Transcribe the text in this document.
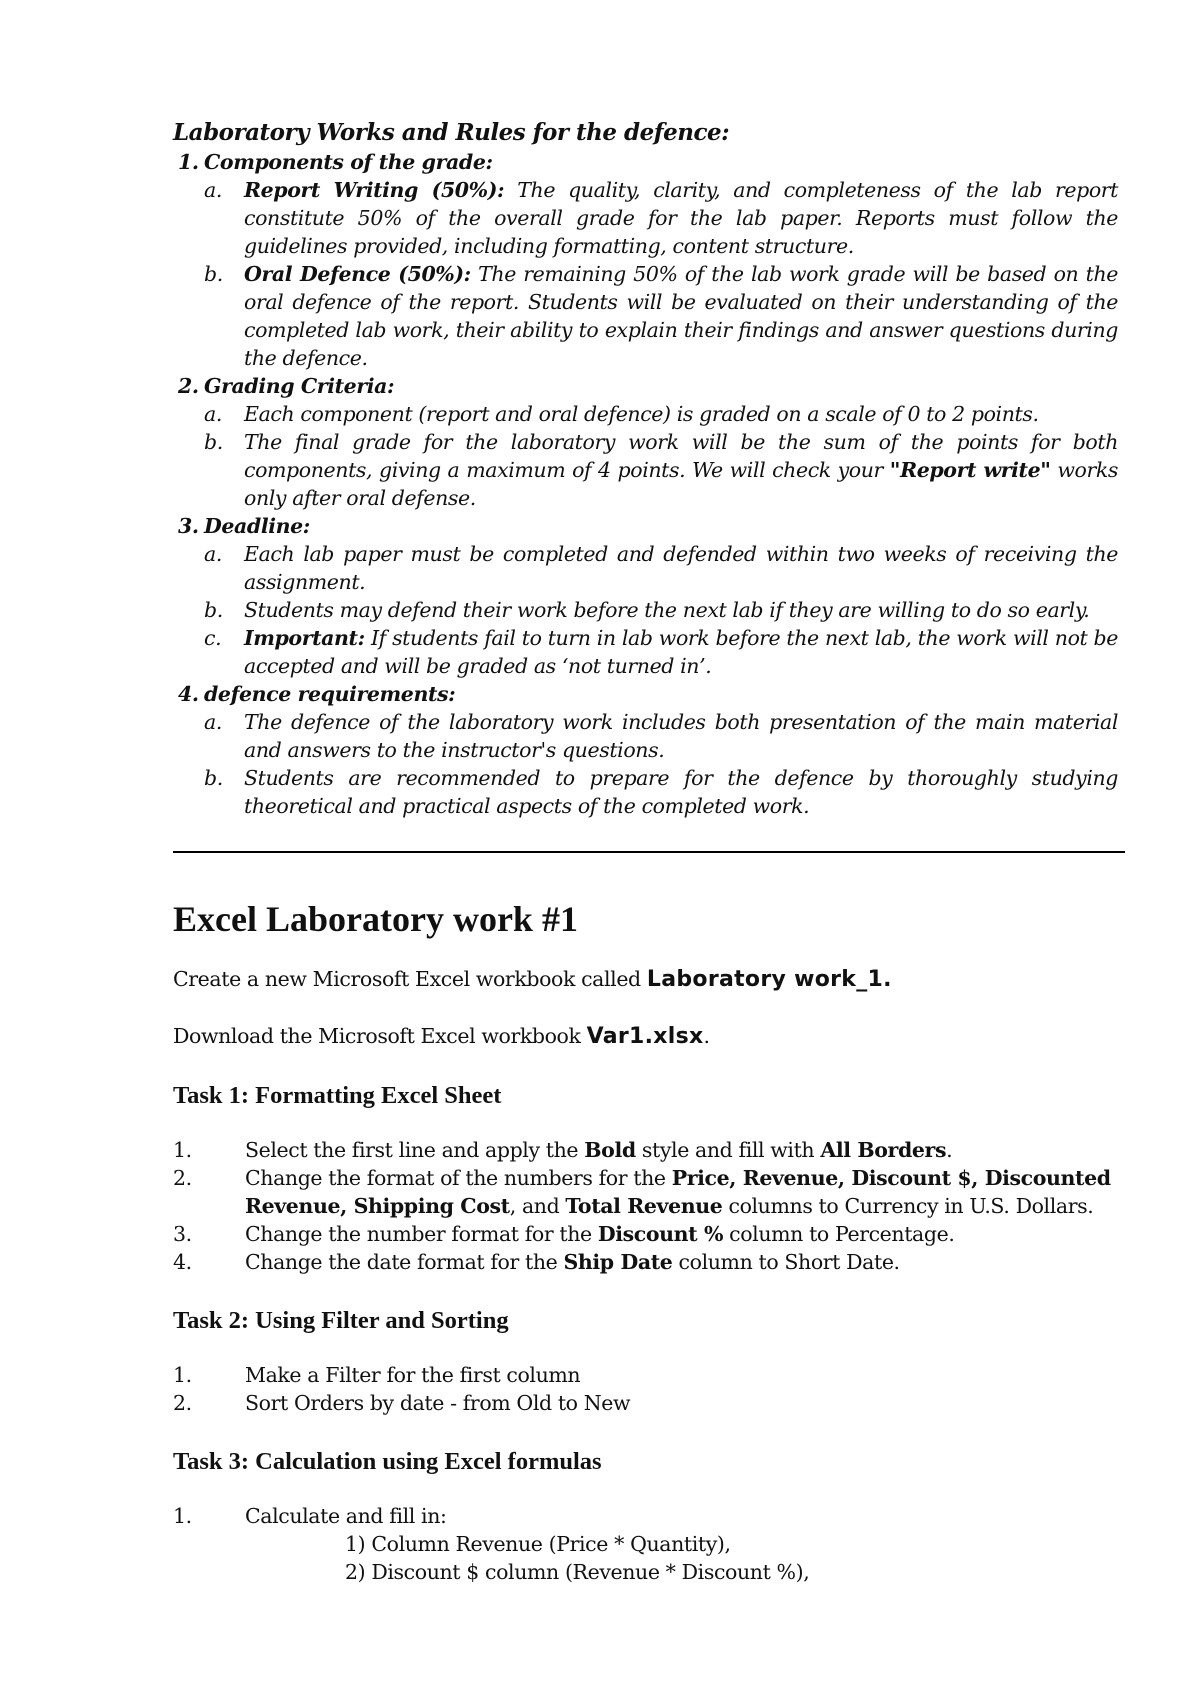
Laboratory Works and Rules for the defence:
1. Components of the grade:
a.	Report Writing (50%): The quality, clarity, and completeness of the lab report constitute 50% of the overall grade for the lab paper. Reports must follow the guidelines provided, including formatting, content structure.
b.	Oral Defence (50%): The remaining 50% of the lab work grade will be based on the oral defence of the report. Students will be evaluated on their understanding of the completed lab work, their ability to explain their findings and answer questions during the defence.
2. Grading Criteria:
a.	Each component (report and oral defence) is graded on a scale of 0 to 2 points.
b.	The final grade for the laboratory work will be the sum of the points for both components, giving a maximum of 4 points. We will check your "Report write" works only after oral defense.
3. Deadline:
a.	Each lab paper must be completed and defended within two weeks of receiving the assignment.
b.	Students may defend their work before the next lab if they are willing to do so early.
c.	Important: If students fail to turn in lab work before the next lab, the work will not be accepted and will be graded as ‘not turned in’.
4. defence requirements:
a.	The defence of the laboratory work includes both presentation of the main material and answers to the instructor's questions.
b.	Students are recommended to prepare for the defence by thoroughly studying theoretical and practical aspects of the completed work.
Excel Laboratory work #1
Create a new Microsoft Excel workbook called Laboratory work_1.
Download the Microsoft Excel workbook Var1.xlsx.
Task 1: Formatting Excel Sheet
1.	Select the first line and apply the Bold style and fill with All Borders.
2.	Change the format of the numbers for the Price, Revenue, Discount $, Discounted Revenue, Shipping Cost, and Total Revenue columns to Currency in U.S. Dollars.
3.	Change the number format for the Discount % column to Percentage.
4.	Change the date format for the Ship Date column to Short Date.
Task 2: Using Filter and Sorting
1.	Make a Filter for the first column
2.	Sort Orders by date - from Old to New
Task 3: Calculation using Excel formulas
1.	Calculate and fill in:
1) Column Revenue (Price * Quantity),
2) Discount $ column (Revenue * Discount %),
